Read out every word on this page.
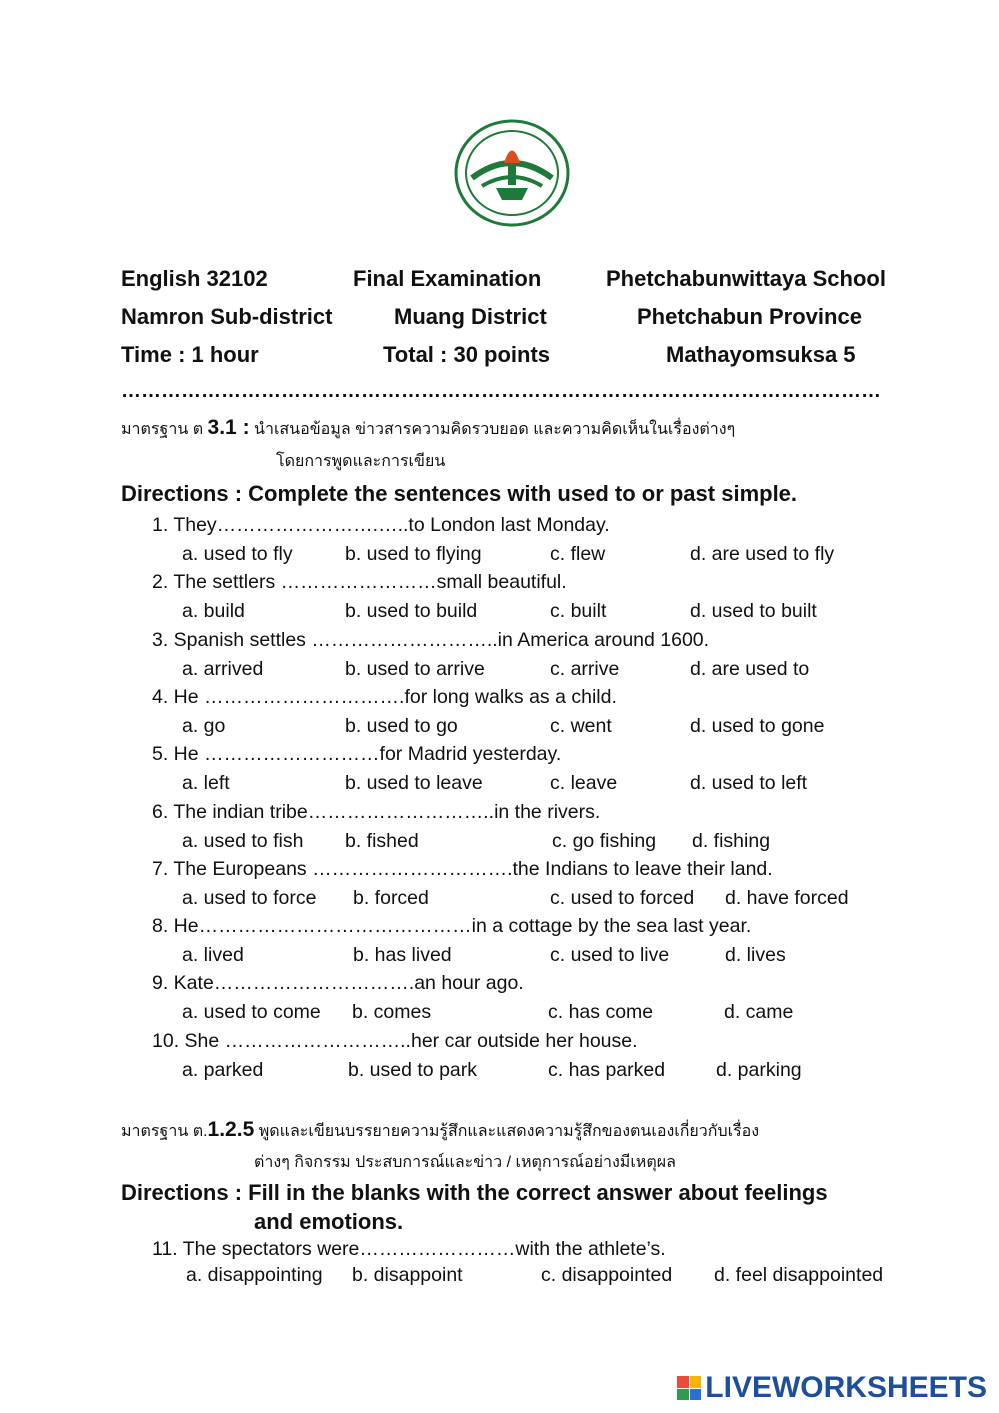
English 32102	Final Examination	Phetchabunwittaya School
Namron Sub-district	Muang District	Phetchabun Province
Time : 1 hour	Total : 30 points	Mathayomsuksa 5
……………………………………………………………………………………………………
มาตรฐาน ต 3.1 : นำเสนอข้อมูล ข่าวสารความคิดรวบยอด และความคิดเห็นในเรื่องต่างๆ
โดยการพูดและการเขียน
Directions : Complete the sentences with used to or past simple.
1. They…………………….…..to London last Monday.
a. used to fly	b. used to flying	c. flew	d. are used to fly
2. The settlers ……………………small beautiful.
a. build	b. used to build	c. built	d. used to built
3. Spanish settles ………………………..in America around 1600.
a. arrived	b. used to arrive	c. arrive	d. are used to
4. He ………………………….for long walks as a child.
a. go	b. used to go	c. went	d. used to gone
5. He ………………………for Madrid yesterday.
a. left	b. used to leave	c. leave	d. used to left
6. The indian tribe………………………..in the rivers.
a. used to fish b. fished	c. go fishing d. fishing
7. The Europeans ………………………….the Indians to leave their land.
a. used to force b. forced	c. used to forced d. have forced
8. He……………………………………in a cottage by the sea last year.
a. lived	b. has lived	c. used to live	d. lives
9. Kate………………………….an hour ago.
a. used to come b. comes	c. has come	d. came
10. She ………………………..her car outside her house.
a. parked	b. used to park	c. has parked	d. parking
มาตรฐาน ต.1.2.5 พูดและเขียนบรรยายความรู้สึกและแสดงความรู้สึกของตนเองเกี่ยวกับเรื่อง
ต่างๆ กิจกรรม ประสบการณ์และข่าว / เหตุการณ์อย่างมีเหตุผล
Directions : Fill in the blanks with the correct answer about feelings
and emotions.
11. The spectators were……………………with the athlete’s.
a. disappointing b. disappoint	c. disappointed d. feel disappointed
LIVEWORKSHEETS
